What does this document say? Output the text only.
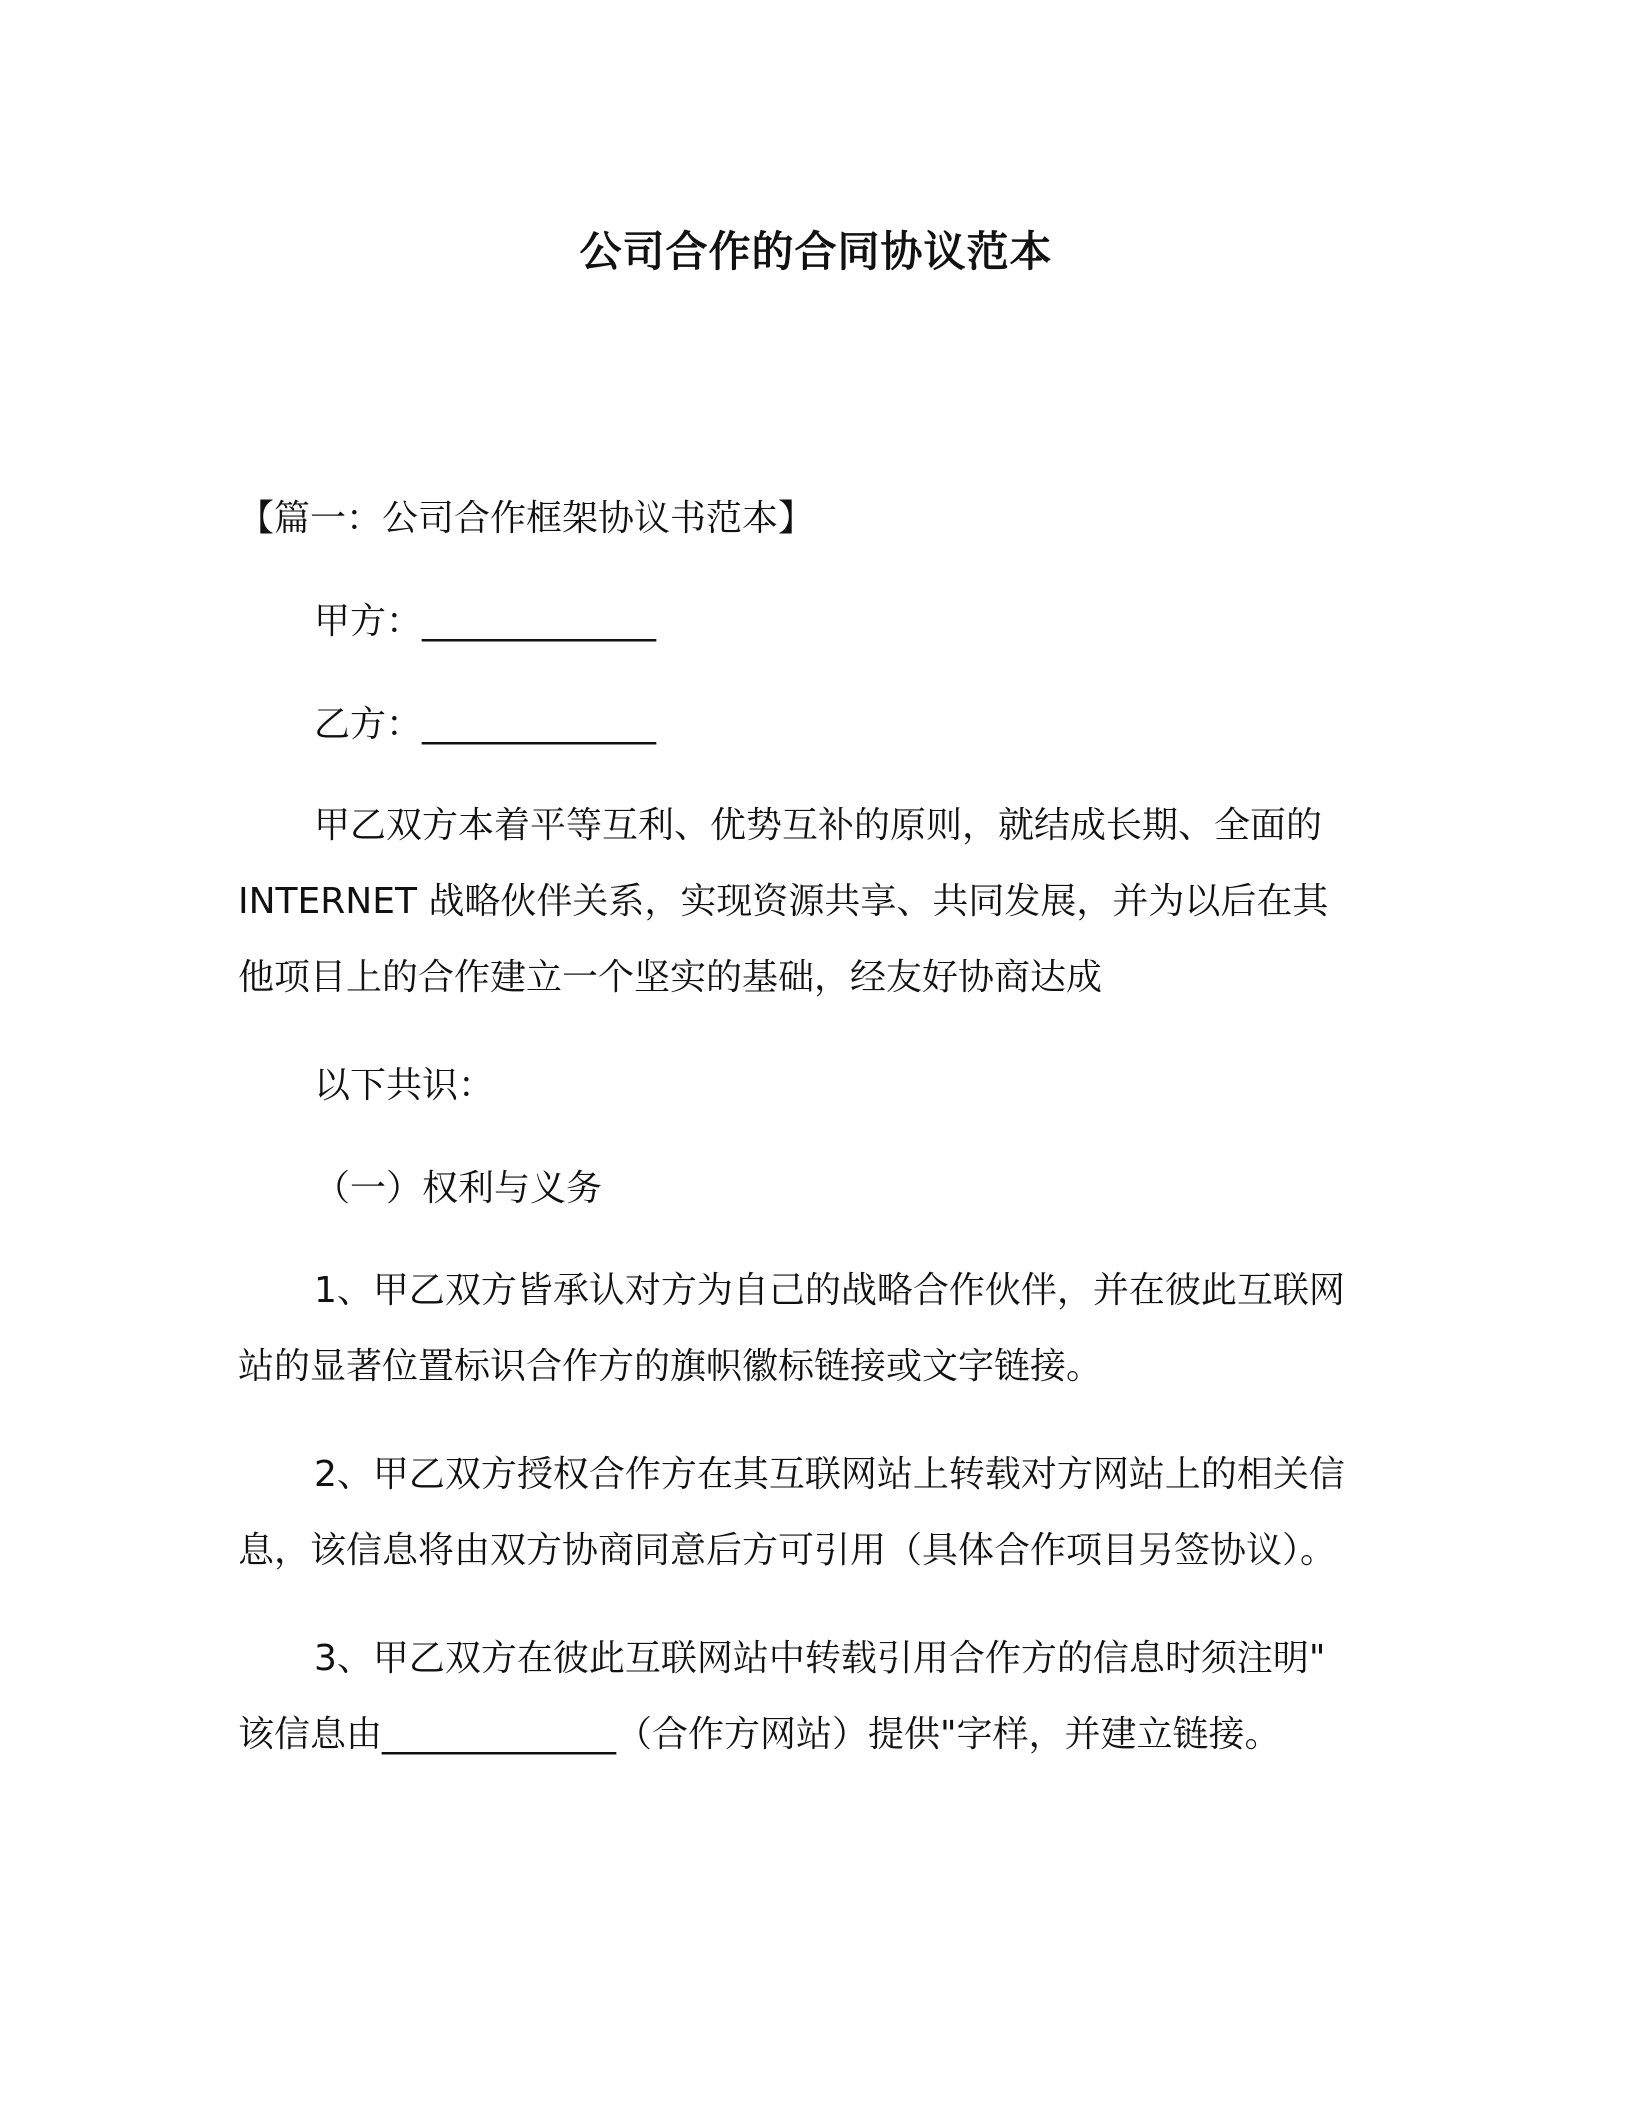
公司合作的合同协议范本
【篇一：公司合作框架协议书范本】
甲方：_____________
乙方：_____________
甲乙双方本着平等互利、优势互补的原则，就结成长期、全面的
INTERNET 战略伙伴关系，实现资源共享、共同发展，并为以后在其
他项目上的合作建立一个坚实的基础，经友好协商达成
以下共识：
（一）权利与义务
1、甲乙双方皆承认对方为自己的战略合作伙伴，并在彼此互联网
站的显著位置标识合作方的旗帜徽标链接或文字链接。
2、甲乙双方授权合作方在其互联网站上转载对方网站上的相关信
息，该信息将由双方协商同意后方可引用（具体合作项目另签协议）。
3、甲乙双方在彼此互联网站中转载引用合作方的信息时须注明"
该信息由_____________（合作方网站）提供"字样，并建立链接。
